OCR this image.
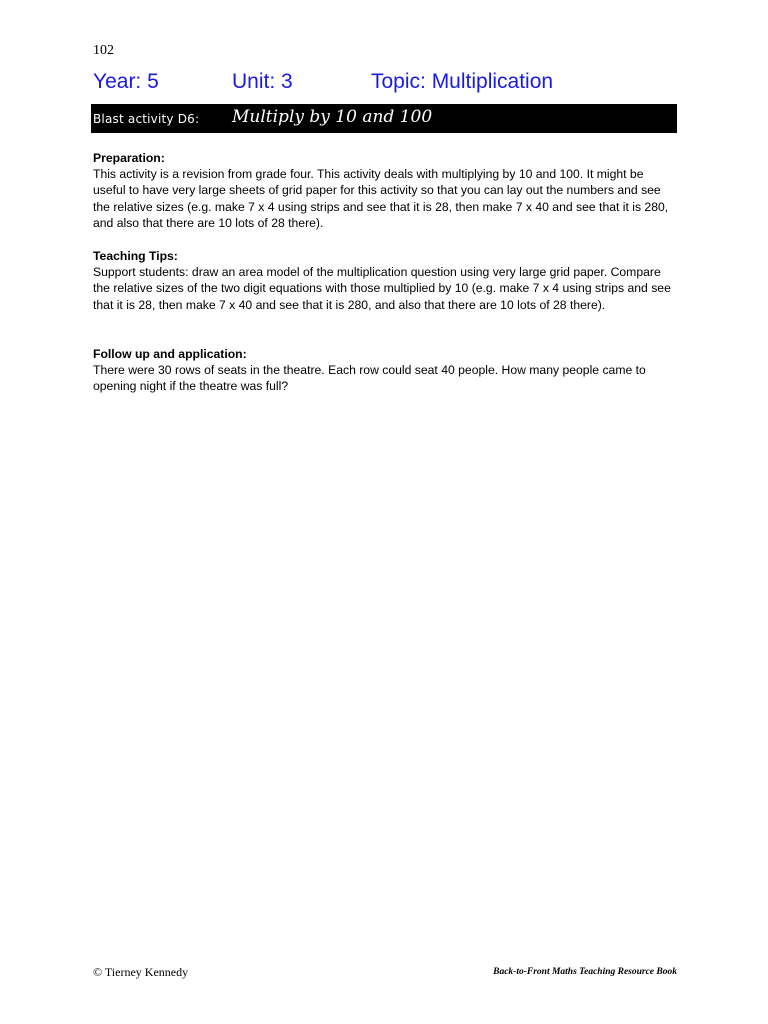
102
Year: 5	Unit: 3	Topic: Multiplication
Blast activity D6: Multiply by 10 and 100
Preparation:

This activity is a revision from grade four. This activity deals with multiplying by 10 and 100. It might be useful to have very large sheets of grid paper for this activity so that you can lay out the numbers and see the relative sizes (e.g. make 7 x 4 using strips and see that it is 28, then make 7 x 40 and see that it is 280, and also that there are 10 lots of 28 there).

Teaching Tips:

Support students: draw an area model of the multiplication question using very large grid paper. Compare the relative sizes of the two digit equations with those multiplied by 10 (e.g. make 7 x 4 using strips and see that it is 28, then make 7 x 40 and see that it is 280, and also that there are 10 lots of 28 there).

Follow up and application:

There were 30 rows of seats in the theatre. Each row could seat 40 people. How many people came to opening night if the theatre was full?

© Tierney Kennedy	Back-to-Front Maths Teaching Resource Book
